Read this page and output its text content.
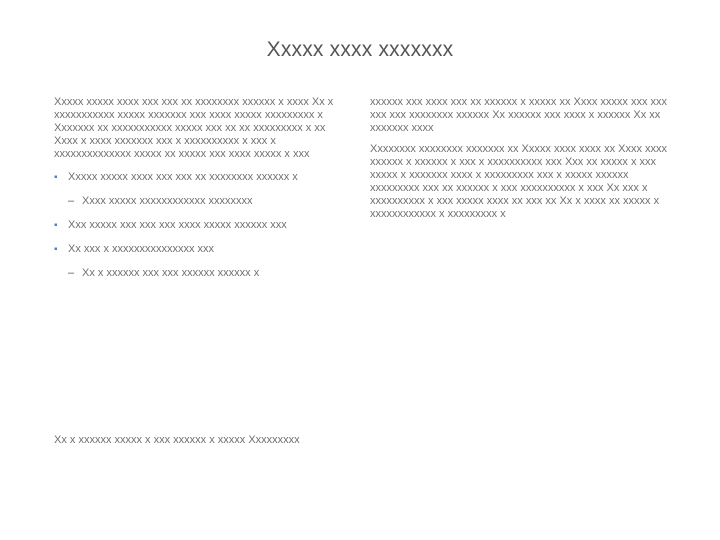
Xxxxx xxxx xxxxxxx

Xxxxx xxxxx xxxx xxx xxx xx xxxxxxxx xxxxxx x xxxx Xx x xxxxxxxxxxx xxxxx xxxxxxx xxx xxxx xxxxx xxxxxxxxx x Xxxxxxx xx xxxxxxxxxxx xxxxx xxx xx xx xxxxxxxxx x xx Xxxx x xxxx xxxxxxx xxx x xxxxxxxxxx x xxx x xxxxxxxxxxxxxx xxxxx xx xxxxx xxx xxxx xxxxx x xxx

▪ Xxxxx xxxxx xxxx xxx xxx xx xxxxxxxx xxxxxx x
– Xxxx xxxxx xxxxxxxxxxxx xxxxxxxx
▪ Xxx xxxxx xxx xxx xxx xxxx xxxxx xxxxxx xxx
▪ Xx xxx x xxxxxxxxxxxxxxx xxx
– Xx x xxxxxx xxx xxx xxxxxx xxxxxx x

xxxxxx xxx xxxx xxx xx xxxxxx x xxxxx xx Xxxx xxxxx xxx xxx xxx xxx xxxxxxxx xxxxxx Xx xxxxxx xxx xxxx x xxxxxx Xx xx xxxxxxx xxxx

Xxxxxxxx xxxxxxxx xxxxxxx xx Xxxxx xxxx xxxx xx Xxxx xxxx xxxxxx x xxxxxx x xxx x xxxxxxxxxx xxx Xxx xx xxxxx x xxx xxxxx x xxxxxxx xxxx x xxxxxxxxx xxx x xxxxx xxxxxx xxxxxxxxx xxx xx xxxxxx x xxx xxxxxxxxxx x xxx Xx xxx x xxxxxxxxxx x xxx xxxxx xxxx xx xxx xx Xx x xxxx xx xxxxx x xxxxxxxxxxxx x xxxxxxxxx x

Xx x xxxxxx xxxxx x xxx xxxxxx x xxxxx Xxxxxxxxx
